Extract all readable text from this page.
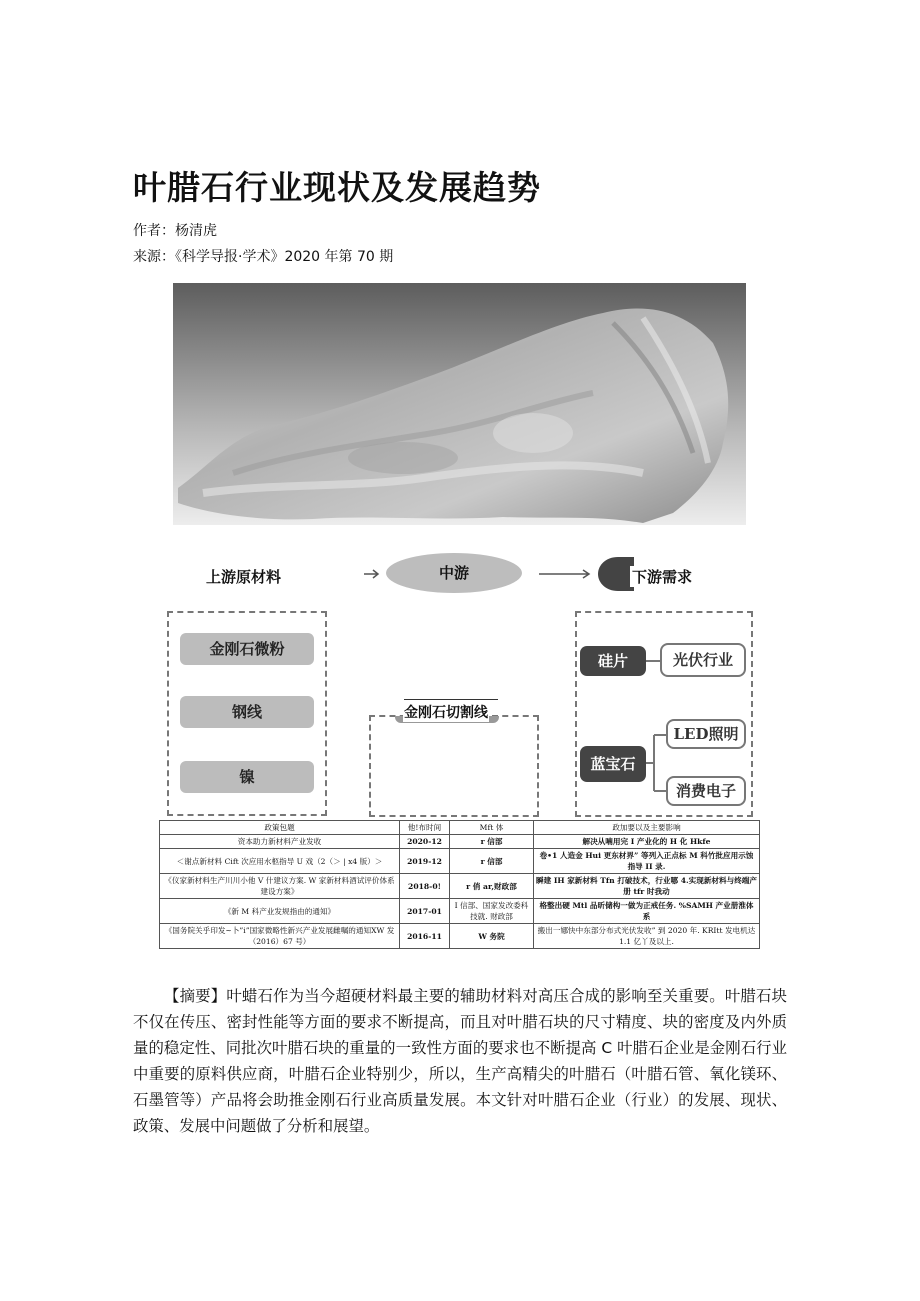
叶腊石行业现状及发展趋势
作者：杨清虎
来源：《科学导报·学术》2020 年第 70 期
上游原材料	中游	下游需求
金刚石微粉
钢线
镍
金刚石切割线
硅片	光伏行业
蓝宝石
LED照明
消费电子
政策包题	他!布时间	Mft 体	政加要以及主要影响
资本助力新材料产业发收	2020-12	r 信部	解决从喃用完 I 产业化的 H 化 Hkfe
＜谢点新材料 Cift 次应用水柩指导 U 戏（2（＞ | x4 版）＞	2019-12	r 信部	卷•1 人造金 Hui 更东材界” 等列入正点标 M 科竹批应用示蚀指导 II 录.
《仪家新材料生产川川小他 V 什建议方案. W 家新材料酒试评价体系建设方案》	2018-0!	r 俏 ar,财政部	瞬建 IH 家新材料 Tfn 打破技术，行业哪 4.实现新材料与终端产册 tfr 时我动
《新 M 科产业发规指由的通知》	2017-01	I 信部、国家发改委科技就. 财政部	格整出硬 Mtl 品昕储构一做为正戒任务. %SAMH 产业册淮体系
《国务院关乎印发~卜”i”国家微略性新兴产业发展雌嘱的通知XW 发（2016）67 号）	2016-11	W 务院	搬出一娜快中东部分布式光伏发收” 到 2020 年. KRItt 发电机达 1.1 亿丫及以上.

【摘要】叶蜡石作为当今超硬材料最主要的辅助材料对高压合成的影响至关重要。叶腊石块不仅在传压、密封性能等方面的要求不断提高，而且对叶腊石块的尺寸精度、块的密度及内外质量的稳定性、同批次叶腊石块的重量的一致性方面的要求也不断提高 C 叶腊石企业是金刚石行业中重要的原料供应商，叶腊石企业特别少，所以，生产高精尖的叶腊石（叶腊石管、氧化镁环、石墨管等）产品将会助推金刚石行业高质量发展。本文针对叶腊石企业（行业）的发展、现状、政策、发展中问题做了分析和展望。
